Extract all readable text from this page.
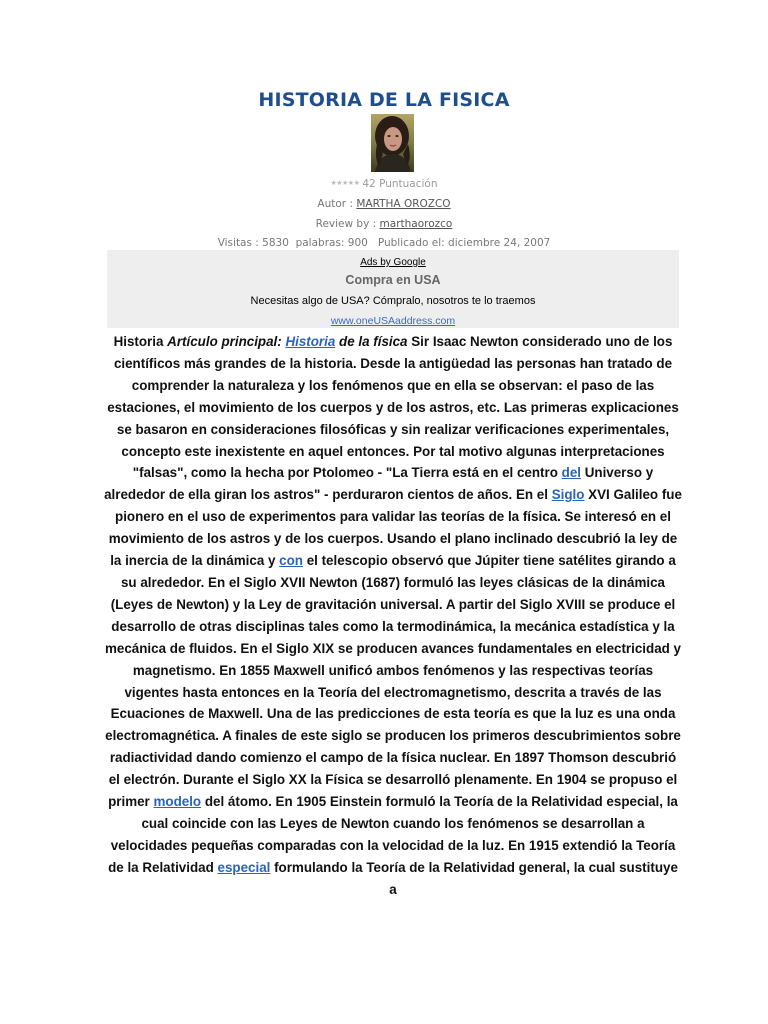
HISTORIA DE LA FISICA
★★★★★ 42 Puntuación
Autor : MARTHA OROZCO
Review by : marthaorozco
Visitas : 5830  palabras: 900   Publicado el: diciembre 24, 2007
Ads by Google
Compra en USA
Necesitas algo de USA? Cómpralo, nosotros te lo traemos
www.oneUSAaddress.com
Historia Artículo principal: Historia de la física Sir Isaac Newton considerado uno de los científicos más grandes de la historia. Desde la antigüedad las personas han tratado de comprender la naturaleza y los fenómenos que en ella se observan: el paso de las estaciones, el movimiento de los cuerpos y de los astros, etc. Las primeras explicaciones se basaron en consideraciones filosóficas y sin realizar verificaciones experimentales, concepto este inexistente en aquel entonces. Por tal motivo algunas interpretaciones "falsas", como la hecha por Ptolomeo - "La Tierra está en el centro del Universo y alrededor de ella giran los astros" - perduraron cientos de años. En el Siglo XVI Galileo fue pionero en el uso de experimentos para validar las teorías de la física. Se interesó en el movimiento de los astros y de los cuerpos. Usando el plano inclinado descubrió la ley de la inercia de la dinámica y con el telescopio observó que Júpiter tiene satélites girando a su alrededor. En el Siglo XVII Newton (1687) formuló las leyes clásicas de la dinámica (Leyes de Newton) y la Ley de gravitación universal. A partir del Siglo XVIII se produce el desarrollo de otras disciplinas tales como la termodinámica, la mecánica estadística y la mecánica de fluidos. En el Siglo XIX se producen avances fundamentales en electricidad y magnetismo. En 1855 Maxwell unificó ambos fenómenos y las respectivas teorías vigentes hasta entonces en la Teoría del electromagnetismo, descrita a través de las Ecuaciones de Maxwell. Una de las predicciones de esta teoría es que la luz es una onda electromagnética. A finales de este siglo se producen los primeros descubrimientos sobre radiactividad dando comienzo el campo de la física nuclear. En 1897 Thomson descubrió el electrón. Durante el Siglo XX la Física se desarrolló plenamente. En 1904 se propuso el primer modelo del átomo. En 1905 Einstein formuló la Teoría de la Relatividad especial, la cual coincide con las Leyes de Newton cuando los fenómenos se desarrollan a velocidades pequeñas comparadas con la velocidad de la luz. En 1915 extendió la Teoría de la Relatividad especial formulando la Teoría de la Relatividad general, la cual sustituye a
